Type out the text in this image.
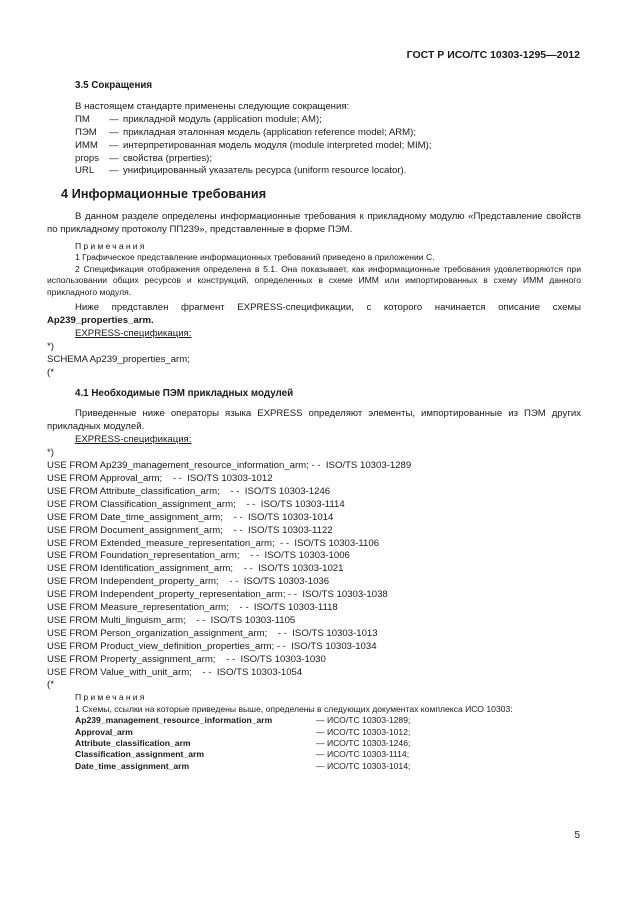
ГОСТ Р ИСО/ТС 10303-1295—2012
3.5 Сокращения
В настоящем стандарте применены следующие сокращения:
ПМ	— прикладной модуль (application module; AM);
ПЭМ	— прикладная эталонная модель (application reference model; ARM);
ИММ	— интерпретированная модель модуля (module interpreted model; MIM);
props	— свойства (prperties);
URL	— унифицированный указатель ресурса (uniform resource locator).
4 Информационные требования

В данном разделе определены информационные требования к прикладному модулю «Представление свойств по прикладному протоколу ПП239», представленные в форме ПЭМ.

Примечания

1 Графическое представление информационных требований приведено в приложении С.

2 Спецификация отображения определена в 5.1. Она показывает, как информационные требования удовлетворяются при использовании общих ресурсов и конструкций, определенных в схеме ИММ или импортированных в схему ИММ данного прикладного модуля.

Ниже представлен фрагмент EXPRESS-спецификации, с которого начинается описание схемы Ap239_properties_arm.

EXPRESS-спецификация:
*)
SCHEMA Ap239_properties_arm;
(*
4.1 Необходимые ПЭМ прикладных модулей

Приведенные ниже операторы языка EXPRESS определяют элементы, импортированные из ПЭМ других прикладных модулей.

EXPRESS-спецификация:
*)
USE FROM Ap239_management_resource_information_arm; - -  ISO/TS 10303-1289
USE FROM Approval_arm;    - -  ISO/TS 10303-1012
USE FROM Attribute_classification_arm;    - -  ISO/TS 10303-1246
USE FROM Classification_assignment_arm;    - -  ISO/TS 10303-1114
USE FROM Date_time_assignment_arm;    - -  ISO/TS 10303-1014
USE FROM Document_assignment_arm;    - -  ISO/TS 10303-1122
USE FROM Extended_measure_representation_arm;  - -  ISO/TS 10303-1106
USE FROM Foundation_representation_arm;    - -  ISO/TS 10303-1006
USE FROM Identification_assignment_arm;    - -  ISO/TS 10303-1021
USE FROM Independent_property_arm;    - -  ISO/TS 10303-1036
USE FROM Independent_property_representation_arm; - -  ISO/TS 10303-1038
USE FROM Measure_representation_arm;    - -  ISO/TS 10303-1118
USE FROM Multi_linguism_arm;    - -  ISO/TS 10303-1105
USE FROM Person_organization_assignment_arm;    - -  ISO/TS 10303-1013
USE FROM Product_view_definition_properties_arm; - -  ISO/TS 10303-1034
USE FROM Property_assignment_arm;    - -  ISO/TS 10303-1030
USE FROM Value_with_unit_arm;    - -  ISO/TS 10303-1054
(*
Примечания

1 Схемы, ссылки на которые приведены выше, определены в следующих документах комплекса ИСО 10303:

Ap239_management_resource_information_arm	— ИСО/ТС 10303-1289;
Approval_arm	— ИСО/ТС 10303-1012;
Attribute_classification_arm	— ИСО/ТС 10303-1246;
Classification_assignment_arm	— ИСО/ТС 10303-1114;
Date_time_assignment_arm	— ИСО/ТС 10303-1014;
5
